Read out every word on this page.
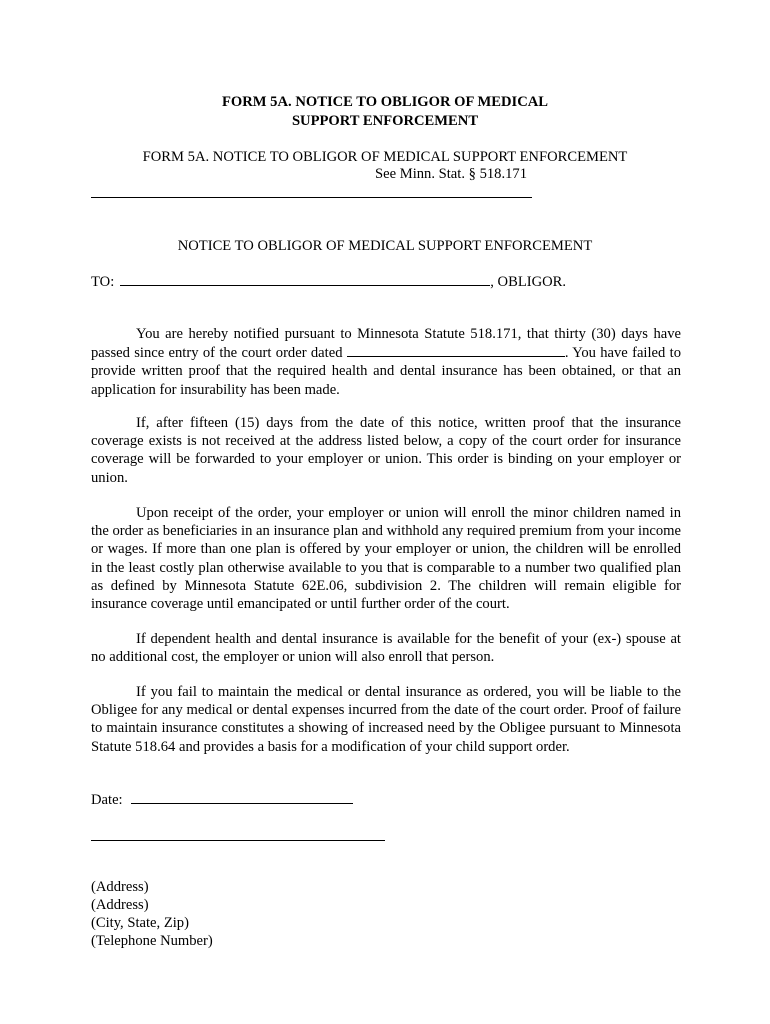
FORM 5A. NOTICE TO OBLIGOR OF MEDICAL
SUPPORT ENFORCEMENT
FORM 5A. NOTICE TO OBLIGOR OF MEDICAL SUPPORT ENFORCEMENT
See Minn. Stat. § 518.171
NOTICE TO OBLIGOR OF MEDICAL SUPPORT ENFORCEMENT
TO:	, OBLIGOR.
You are hereby notified pursuant to Minnesota Statute 518.171, that thirty (30) days have passed since entry of the court order dated	. You have failed to provide written proof that the required health and dental insurance has been obtained, or that an application for insurability has been made.
If, after fifteen (15) days from the date of this notice, written proof that the insurance coverage exists is not received at the address listed below, a copy of the court order for insurance coverage will be forwarded to your employer or union. This order is binding on your employer or union.
Upon receipt of the order, your employer or union will enroll the minor children named in the order as beneficiaries in an insurance plan and withhold any required premium from your income or wages. If more than one plan is offered by your employer or union, the children will be enrolled in the least costly plan otherwise available to you that is comparable to a number two qualified plan as defined by Minnesota Statute 62E.06, subdivision 2. The children will remain eligible for insurance coverage until emancipated or until further order of the court.
If dependent health and dental insurance is available for the benefit of your (ex-) spouse at no additional cost, the employer or union will also enroll that person.
If you fail to maintain the medical or dental insurance as ordered, you will be liable to the Obligee for any medical or dental expenses incurred from the date of the court order. Proof of failure to maintain insurance constitutes a showing of increased need by the Obligee pursuant to Minnesota Statute 518.64 and provides a basis for a modification of your child support order.
Date:
(Address)
(Address)
(City, State, Zip)
(Telephone Number)
